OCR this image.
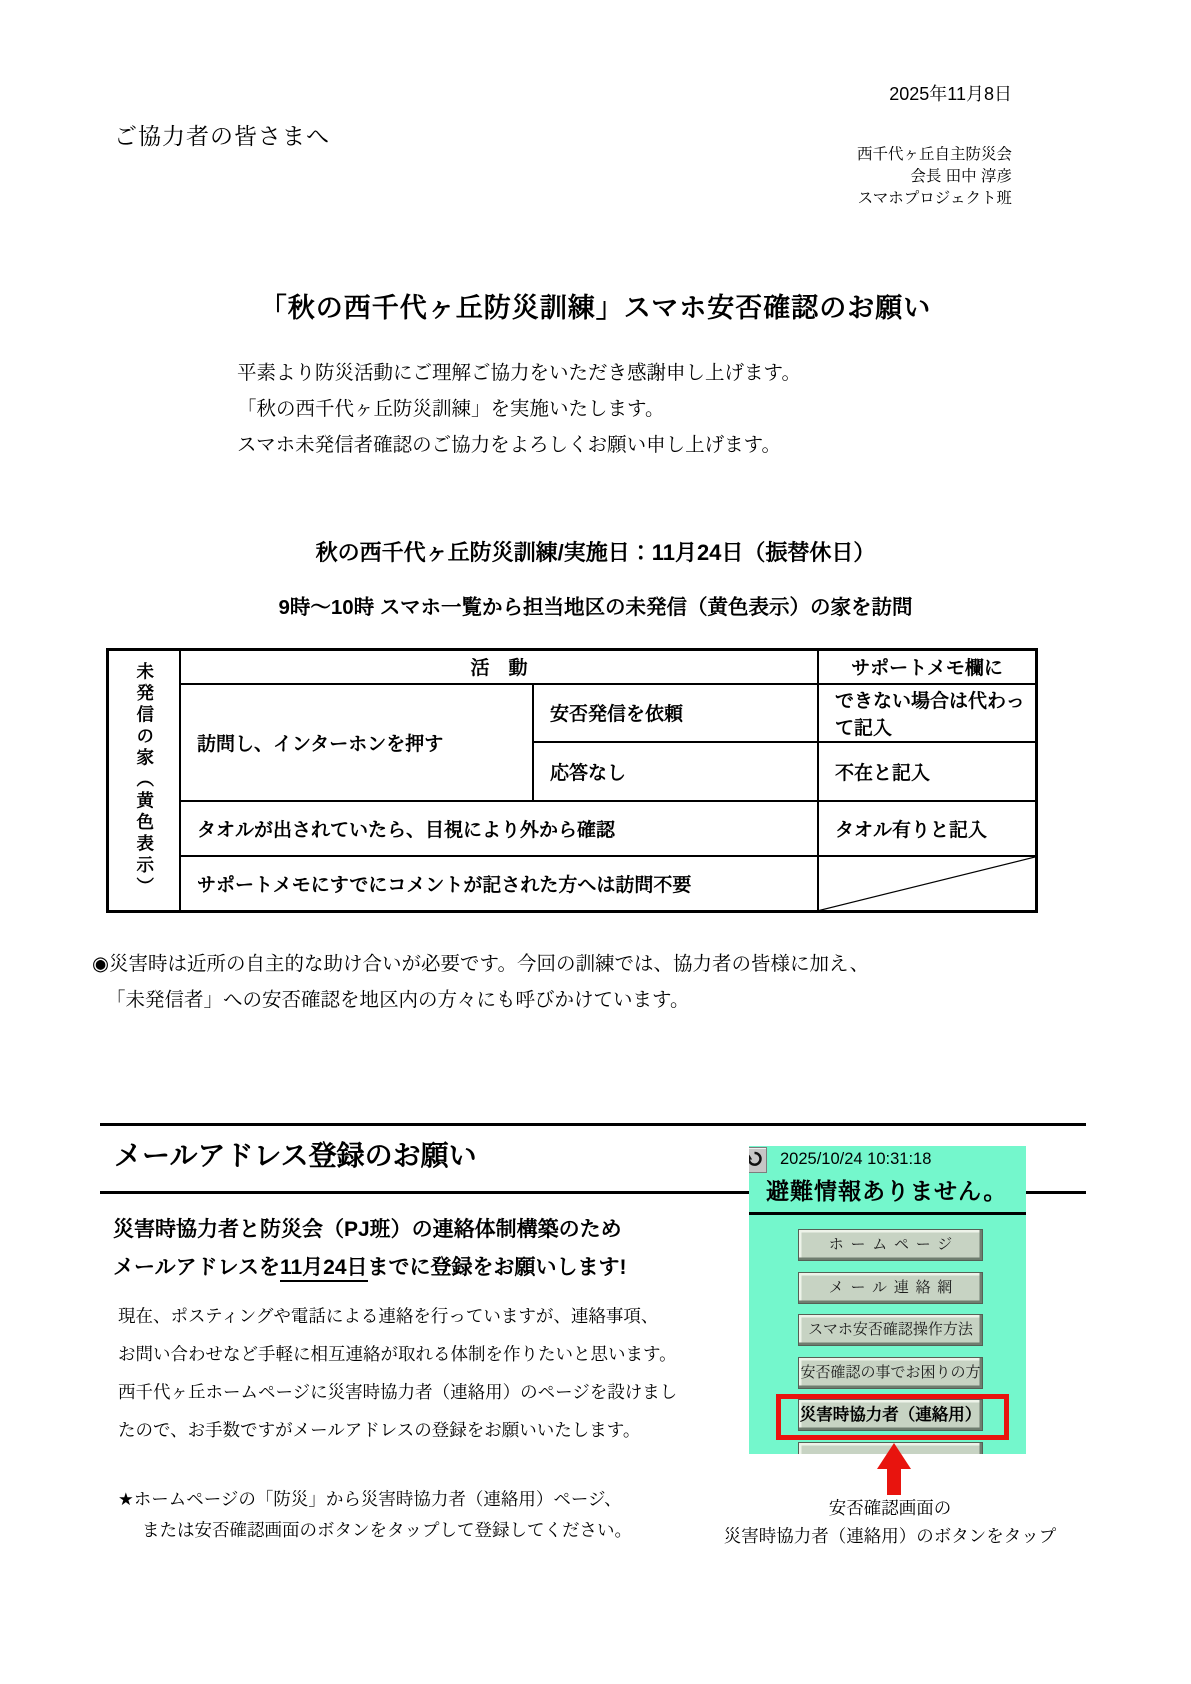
2025年11月8日
ご協力者の皆さまへ
西千代ヶ丘自主防災会
会長 田中 淳彦
スマホプロジェクト班
「秋の西千代ヶ丘防災訓練」スマホ安否確認のお願い
平素より防災活動にご理解ご協力をいただき感謝申し上げます。
「秋の西千代ヶ丘防災訓練」を実施いたします。
スマホ未発信者確認のご協力をよろしくお願い申し上げます。
秋の西千代ヶ丘防災訓練/実施日：11月24日（振替休日）
9時～10時 スマホ一覧から担当地区の未発信（黄色表示）の家を訪問
未発信の家（黄色表示）	活　動		サポートメモ欄に
	訪問し、インターホンを押す	安否発信を依頼	できない場合は代わって記入
		応答なし	不在と記入
	タオルが出されていたら、目視により外から確認		タオル有りと記入
	サポートメモにすでにコメントが記された方へは訪問不要	
◉災害時は近所の自主的な助け合いが必要です。今回の訓練では、協力者の皆様に加え、
「未発信者」への安否確認を地区内の方々にも呼びかけています。
メールアドレス登録のお願い
災害時協力者と防災会（PJ班）の連絡体制構築のため
メールアドレスを11月24日までに登録をお願いします!
現在、ポスティングや電話による連絡を行っていますが、連絡事項、
お問い合わせなど手軽に相互連絡が取れる体制を作りたいと思います。
西千代ヶ丘ホームページに災害時協力者（連絡用）のページを設けまし
たので、お手数ですがメールアドレスの登録をお願いいたします。
★ホームページの「防災」から災害時協力者（連絡用）ページ、
または安否確認画面のボタンをタップして登録してください。
2025/10/24 10:31:18
避難情報ありません。
ホームページ
メール連絡網
スマホ安否確認操作方法
安否確認の事でお困りの方
災害時協力者（連絡用）
安否確認画面の
災害時協力者（連絡用）のボタンをタップ
